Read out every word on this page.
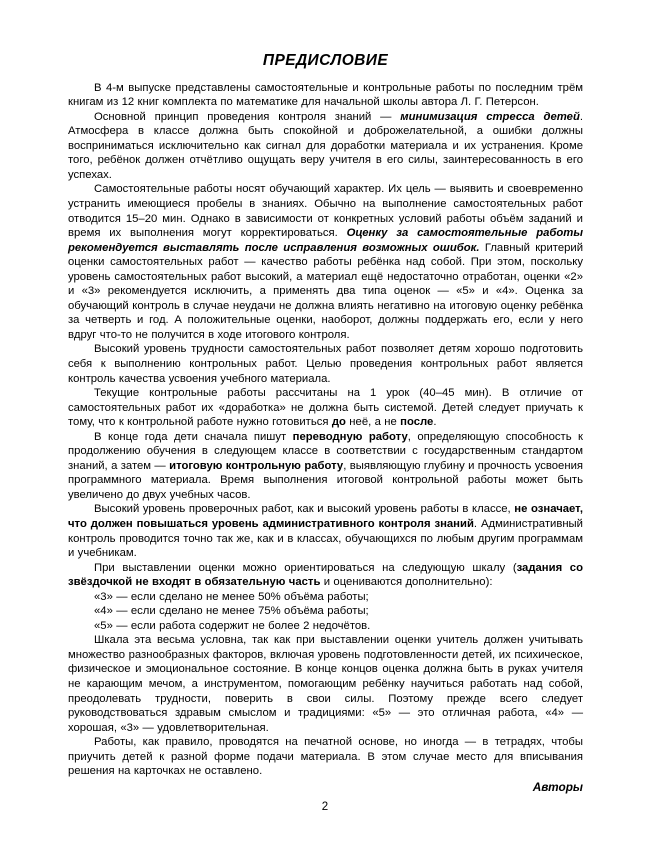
ПРЕДИСЛОВИЕ

В 4-м выпуске представлены самостоятельные и контрольные работы по последним трём книгам из 12 книг комплекта по математике для начальной школы автора Л. Г. Петерсон.

Основной принцип проведения контроля знаний — минимизация стресса детей. Атмосфера в классе должна быть спокойной и доброжелательной, а ошибки должны восприниматься исключительно как сигнал для доработки материала и их устранения. Кроме того, ребёнок должен отчётливо ощущать веру учителя в его силы, заинтересованность в его успехах.

Самостоятельные работы носят обучающий характер. Их цель — выявить и своевременно устранить имеющиеся пробелы в знаниях. Обычно на выполнение самостоятельных работ отводится 15–20 мин. Однако в зависимости от конкретных условий работы объём заданий и время их выполнения могут корректироваться. Оценку за самостоятельные работы рекомендуется выставлять после исправления возможных ошибок. Главный критерий оценки самостоятельных работ — качество работы ребёнка над собой. При этом, поскольку уровень самостоятельных работ высокий, а материал ещё недостаточно отработан, оценки «2» и «3» рекомендуется исключить, а применять два типа оценок — «5» и «4». Оценка за обучающий контроль в случае неудачи не должна влиять негативно на итоговую оценку ребёнка за четверть и год. А положительные оценки, наоборот, должны поддержать его, если у него вдруг что-то не получится в ходе итогового контроля.

Высокий уровень трудности самостоятельных работ позволяет детям хорошо подготовить себя к выполнению контрольных работ. Целью проведения контрольных работ является контроль качества усвоения учебного материала.

Текущие контрольные работы рассчитаны на 1 урок (40–45 мин). В отличие от самостоятельных работ их «доработка» не должна быть системой. Детей следует приучать к тому, что к контрольной работе нужно готовиться до неё, а не после.

В конце года дети сначала пишут переводную работу, определяющую способность к продолжению обучения в следующем классе в соответствии с государственным стандартом знаний, а затем — итоговую контрольную работу, выявляющую глубину и прочность усвоения программного материала. Время выполнения итоговой контрольной работы может быть увеличено до двух учебных часов.

Высокий уровень проверочных работ, как и высокий уровень работы в классе, не означает, что должен повышаться уровень административного контроля знаний. Административный контроль проводится точно так же, как и в классах, обучающихся по любым другим программам и учебникам.

При выставлении оценки можно ориентироваться на следующую шкалу (задания со звёздочкой не входят в обязательную часть и оцениваются дополнительно):

«3» — если сделано не менее 50% объёма работы;

«4» — если сделано не менее 75% объёма работы;

«5» — если работа содержит не более 2 недочётов.

Шкала эта весьма условна, так как при выставлении оценки учитель должен учитывать множество разнообразных факторов, включая уровень подготовленности детей, их психическое, физическое и эмоциональное состояние. В конце концов оценка должна быть в руках учителя не карающим мечом, а инструментом, помогающим ребёнку научиться работать над собой, преодолевать трудности, поверить в свои силы. Поэтому прежде всего следует руководствоваться здравым смыслом и традициями: «5» — это отличная работа, «4» — хорошая, «3» — удовлетворительная.

Работы, как правило, проводятся на печатной основе, но иногда — в тетрадях, чтобы приучить детей к разной форме подачи материала. В этом случае место для вписывания решения на карточках не оставлено.

Авторы

2
